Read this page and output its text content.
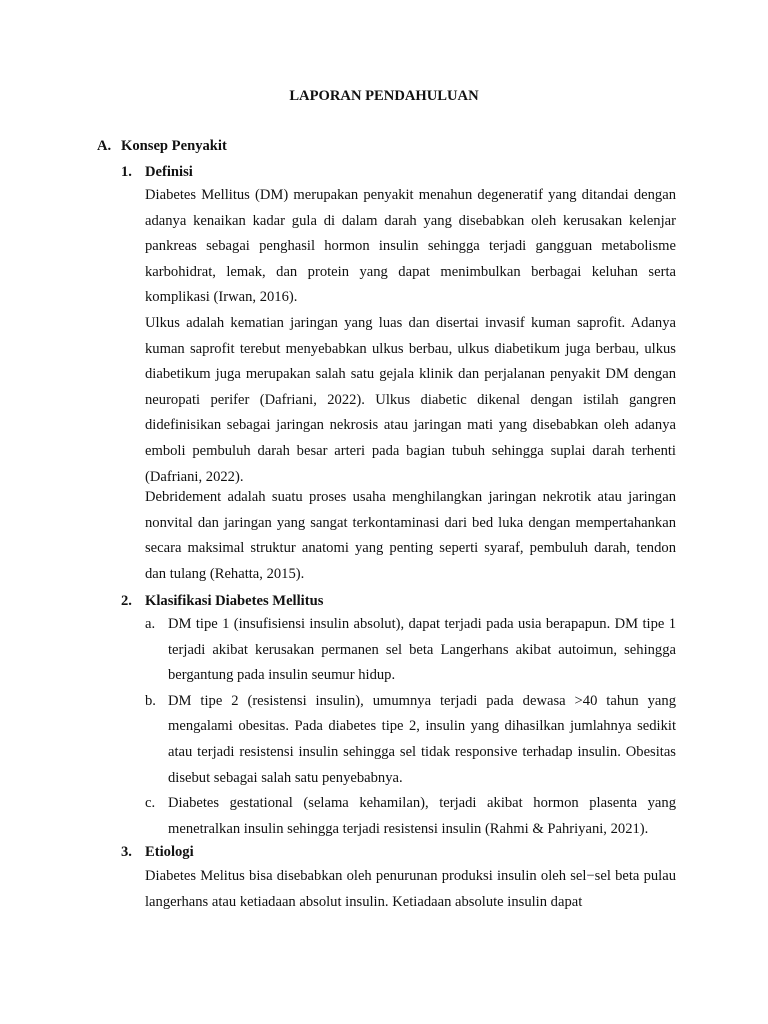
LAPORAN PENDAHULUAN
A. Konsep Penyakit
1. Definisi

Diabetes Mellitus (DM) merupakan penyakit menahun degeneratif yang ditandai dengan adanya kenaikan kadar gula di dalam darah yang disebabkan oleh kerusakan kelenjar pankreas sebagai penghasil hormon insulin sehingga terjadi gangguan metabolisme karbohidrat, lemak, dan protein yang dapat menimbulkan berbagai keluhan serta komplikasi (Irwan, 2016).

Ulkus adalah kematian jaringan yang luas dan disertai invasif kuman saprofit. Adanya kuman saprofit terebut menyebabkan ulkus berbau, ulkus diabetikum juga berbau, ulkus diabetikum juga merupakan salah satu gejala klinik dan perjalanan penyakit DM dengan neuropati perifer (Dafriani, 2022). Ulkus diabetic dikenal dengan istilah gangren didefinisikan sebagai jaringan nekrosis atau jaringan mati yang disebabkan oleh adanya emboli pembuluh darah besar arteri pada bagian tubuh sehingga suplai darah terhenti (Dafriani, 2022).

Debridement adalah suatu proses usaha menghilangkan jaringan nekrotik atau jaringan nonvital dan jaringan yang sangat terkontaminasi dari bed luka dengan mempertahankan secara maksimal struktur anatomi yang penting seperti syaraf, pembuluh darah, tendon dan tulang (Rehatta, 2015).

2. Klasifikasi Diabetes Mellitus
a. DM tipe 1 (insufisiensi insulin absolut), dapat terjadi pada usia berapapun. DM tipe 1 terjadi akibat kerusakan permanen sel beta Langerhans akibat autoimun, sehingga bergantung pada insulin seumur hidup.
b. DM tipe 2 (resistensi insulin), umumnya terjadi pada dewasa >40 tahun yang mengalami obesitas. Pada diabetes tipe 2, insulin yang dihasilkan jumlahnya sedikit atau terjadi resistensi insulin sehingga sel tidak responsive terhadap insulin. Obesitas disebut sebagai salah satu penyebabnya.
c. Diabetes gestational (selama kehamilan), terjadi akibat hormon plasenta yang menetralkan insulin sehingga terjadi resistensi insulin (Rahmi & Pahriyani, 2021).
3. Etiologi

Diabetes Melitus bisa disebabkan oleh penurunan produksi insulin oleh sel−sel beta pulau langerhans atau ketiadaan absolut insulin. Ketiadaan absolute insulin dapat
